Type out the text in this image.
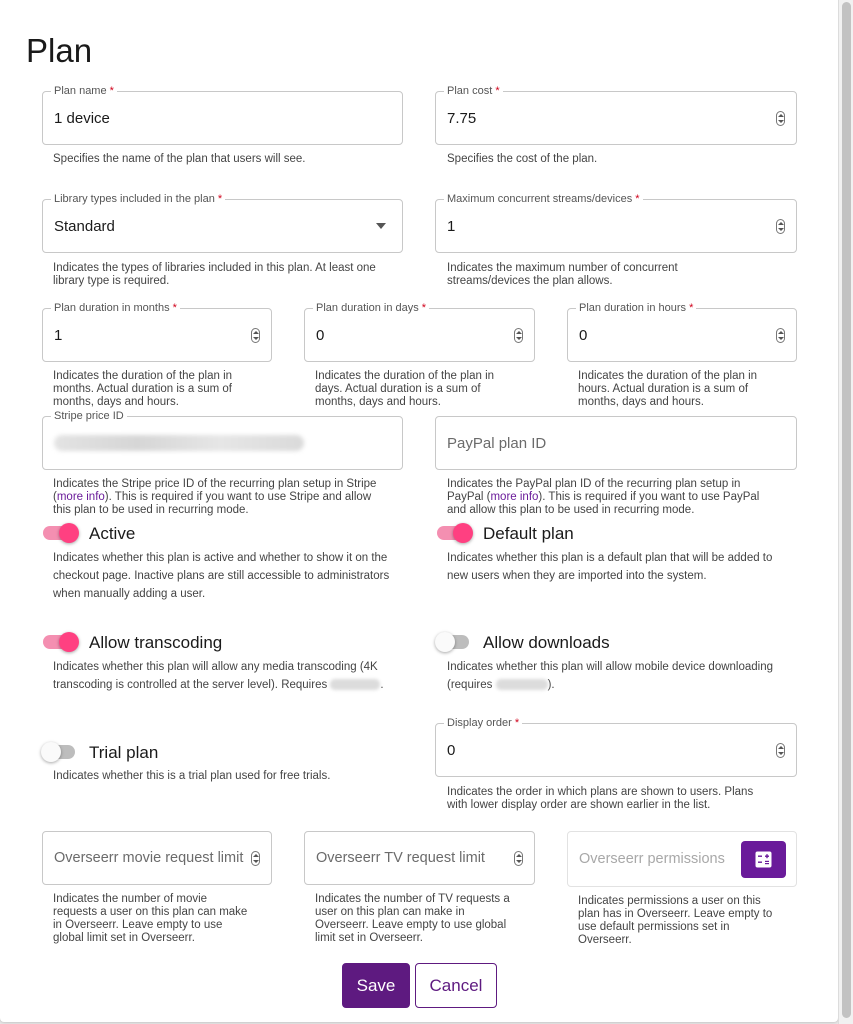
Plan
Plan name *
1 device
Specifies the name of the plan that users will see.
Plan cost *
7.75
Specifies the cost of the plan.
Library types included in the plan *
Standard
Indicates the types of libraries included in this plan. At least one library type is required.
Maximum concurrent streams/devices *
1
Indicates the maximum number of concurrent streams/devices the plan allows.
Plan duration in months *
1
Indicates the duration of the plan in months. Actual duration is a sum of months, days and hours.
Plan duration in days *
0
Indicates the duration of the plan in days. Actual duration is a sum of months, days and hours.
Plan duration in hours *
0
Indicates the duration of the plan in hours. Actual duration is a sum of months, days and hours.
Stripe price ID
Indicates the Stripe price ID of the recurring plan setup in Stripe (more info). This is required if you want to use Stripe and allow this plan to be used in recurring mode.
PayPal plan ID
Indicates the PayPal plan ID of the recurring plan setup in PayPal (more info). This is required if you want to use PayPal and allow this plan to be used in recurring mode.
Active
Indicates whether this plan is active and whether to show it on the checkout page. Inactive plans are still accessible to administrators when manually adding a user.
Default plan
Indicates whether this plan is a default plan that will be added to new users when they are imported into the system.
Allow transcoding
Indicates whether this plan will allow any media transcoding (4K transcoding is controlled at the server level). Requires	.
Allow downloads
Indicates whether this plan will allow mobile device downloading (requires	).
Trial plan
Indicates whether this is a trial plan used for free trials.
Display order *
0
Indicates the order in which plans are shown to users. Plans with lower display order are shown earlier in the list.
Overseerr movie request limit
Indicates the number of movie requests a user on this plan can make in Overseerr. Leave empty to use global limit set in Overseerr.
Overseerr TV request limit
Indicates the number of TV requests a user on this plan can make in Overseerr. Leave empty to use global limit set in Overseerr.
Overseerr permissions
Indicates permissions a user on this plan has in Overseerr. Leave empty to use default permissions set in Overseerr.
Save	Cancel
